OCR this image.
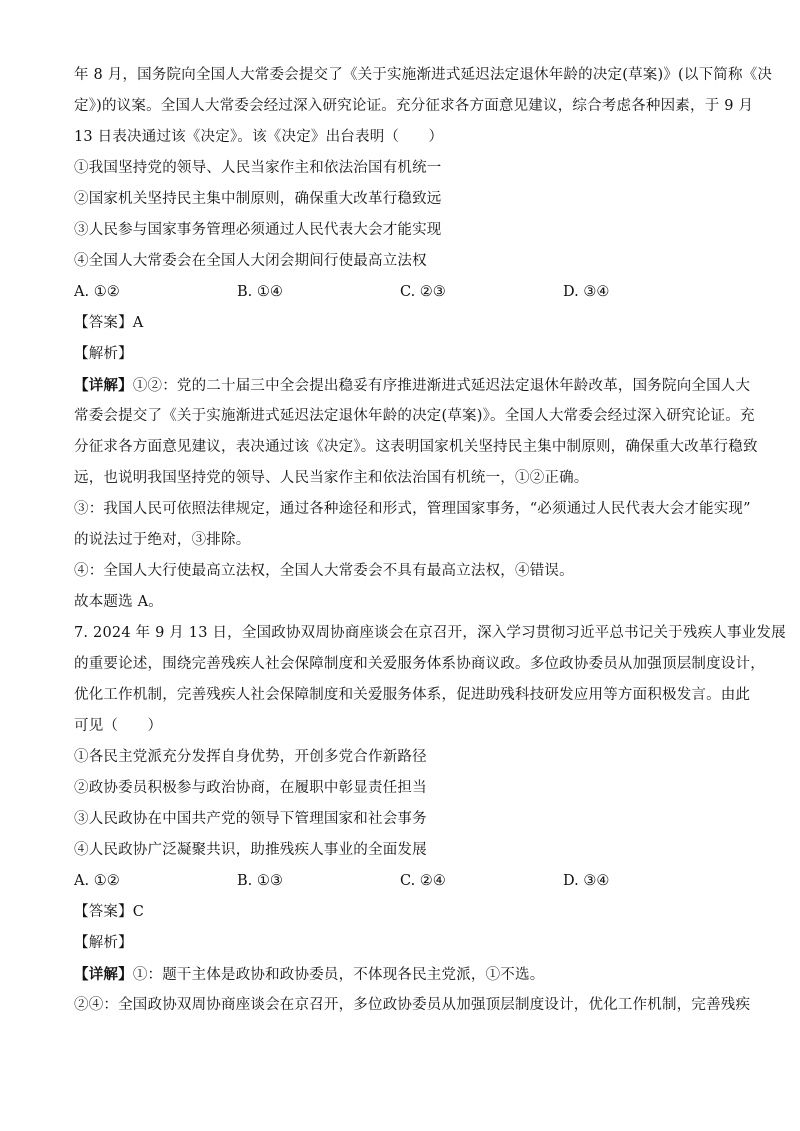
年 8 月，国务院向全国人大常委会提交了《关于实施渐进式延迟法定退休年龄的决定(草案)》(以下简称《决
定》)的议案。全国人大常委会经过深入研究论证。充分征求各方面意见建议，综合考虑各种因素，于 9 月
13 日表决通过该《决定》。该《决定》出台表明（　　）
①我国坚持党的领导、人民当家作主和依法治国有机统一
②国家机关坚持民主集中制原则，确保重大改革行稳致远
③人民参与国家事务管理必须通过人民代表大会才能实现
④全国人大常委会在全国人大闭会期间行使最高立法权
A. ①②	B. ①④	C. ②③	D. ③④
【答案】A
【解析】
【详解】①②：党的二十届三中全会提出稳妥有序推进渐进式延迟法定退休年龄改革，国务院向全国人大
常委会提交了《关于实施渐进式延迟法定退休年龄的决定(草案)》。全国人大常委会经过深入研究论证。充
分征求各方面意见建议，表决通过该《决定》。这表明国家机关坚持民主集中制原则，确保重大改革行稳致
远，也说明我国坚持党的领导、人民当家作主和依法治国有机统一，①②正确。
③：我国人民可依照法律规定，通过各种途径和形式，管理国家事务，“必须通过人民代表大会才能实现”
的说法过于绝对，③排除。
④：全国人大行使最高立法权，全国人大常委会不具有最高立法权，④错误。
故本题选 A。
7. 2024 年 9 月 13 日，全国政协双周协商座谈会在京召开，深入学习贯彻习近平总书记关于残疾人事业发展
的重要论述，围绕完善残疾人社会保障制度和关爱服务体系协商议政。多位政协委员从加强顶层制度设计，
优化工作机制，完善残疾人社会保障制度和关爱服务体系，促进助残科技研发应用等方面积极发言。由此
可见（　　）
①各民主党派充分发挥自身优势，开创多党合作新路径
②政协委员积极参与政治协商，在履职中彰显责任担当
③人民政协在中国共产党的领导下管理国家和社会事务
④人民政协广泛凝聚共识，助推残疾人事业的全面发展
A. ①②	B. ①③	C. ②④	D. ③④
【答案】C
【解析】
【详解】①：题干主体是政协和政协委员，不体现各民主党派，①不选。
②④：全国政协双周协商座谈会在京召开，多位政协委员从加强顶层制度设计，优化工作机制，完善残疾
